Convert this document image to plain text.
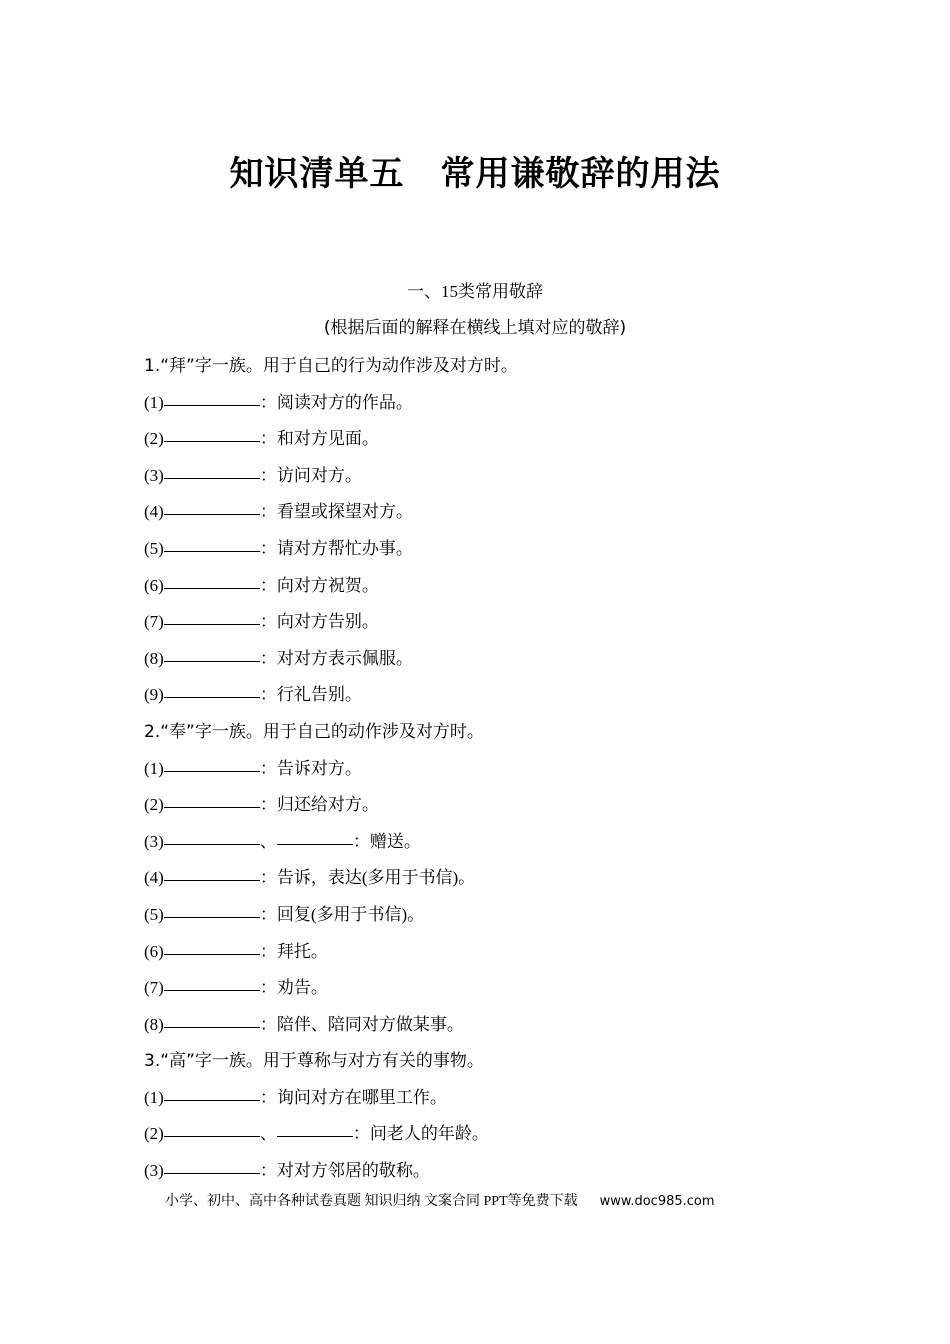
知识清单五 常用谦敬辞的用法
一、15类常用敬辞
(根据后面的解释在横线上填对应的敬辞)
1.“拜”字一族。用于自己的行为动作涉及对方时。
(1)	：阅读对方的作品。
(2)	：和对方见面。
(3)	：访问对方。
(4)	：看望或探望对方。
(5)	：请对方帮忙办事。
(6)	：向对方祝贺。
(7)	：向对方告别。
(8)	：对对方表示佩服。
(9)	：行礼告别。
2.“奉”字一族。用于自己的动作涉及对方时。
(1)	：告诉对方。
(2)	：归还给对方。
(3)	、	：赠送。
(4)	：告诉，表达(多用于书信)。
(5)	：回复(多用于书信)。
(6)	：拜托。
(7)	：劝告。
(8)	：陪伴、陪同对方做某事。
3.“高”字一族。用于尊称与对方有关的事物。
(1)	：询问对方在哪里工作。
(2)	、	：问老人的年龄。
(3)	：对对方邻居的敬称。
小学、初中、高中各种试卷真题 知识归纳 文案合同 PPT等免费下载 www.doc985.com
